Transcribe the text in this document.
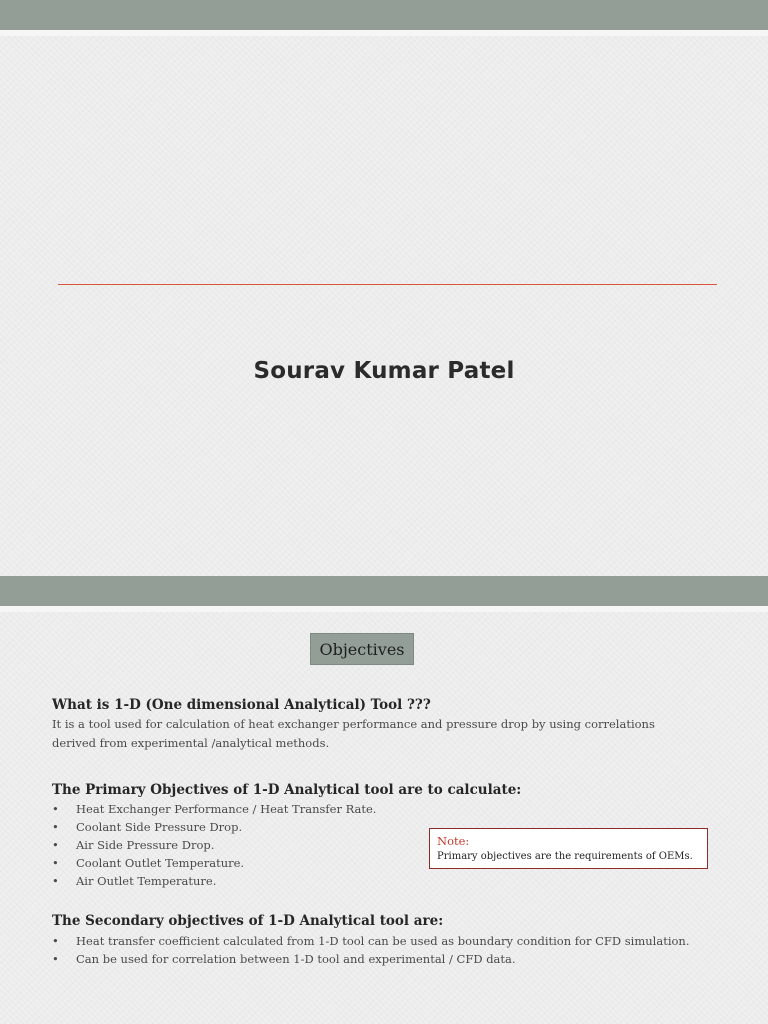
Sourav Kumar Patel
Objectives
What is 1-D (One dimensional Analytical) Tool ???
It is a tool used for calculation of heat exchanger performance and pressure drop by using correlations
derived from experimental /analytical methods.
The Primary Objectives of 1-D Analytical tool are to calculate:
• Heat Exchanger Performance / Heat Transfer Rate.
• Coolant Side Pressure Drop.
• Air Side Pressure Drop.
• Coolant Outlet Temperature.
• Air Outlet Temperature.
Note:
Primary objectives are the requirements of OEMs.
The Secondary objectives of 1-D Analytical tool are:
• Heat transfer coefficient calculated from 1-D tool can be used as boundary condition for CFD simulation.
• Can be used for correlation between 1-D tool and experimental / CFD data.
